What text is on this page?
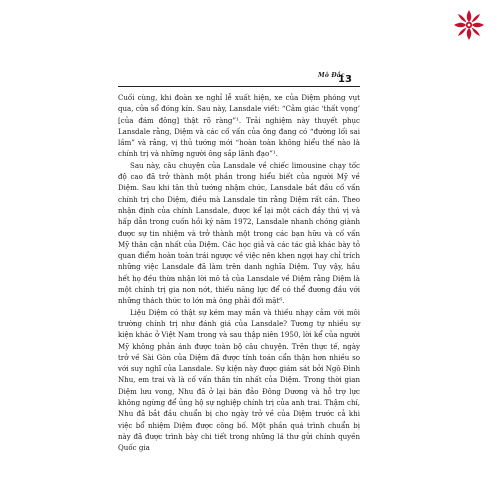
Mô Đắc
13

Cuối cùng, khi đoàn xe nghỉ lễ xuất hiện, xe của Diệm phóng vụt qua, cửa sổ đóng kín. Sau này, Lansdale viết: “Cảm giác ‘thất vọng’ [của đám đông] thật rõ ràng”¹. Trải nghiệm này thuyết phục Lansdale rằng, Diệm và các cố vấn của ông đang có “đường lối sai lầm” và rằng, vị thủ tướng mới “hoàn toàn không hiểu thế nào là chính trị và những người ông sắp lãnh đạo”¹.

Sau này, câu chuyện của Lansdale về chiếc limousine chạy tốc độ cao đã trở thành một phần trong hiểu biết của người Mỹ về Diệm. Sau khi tân thủ tướng nhậm chức, Lansdale bắt đầu cố vấn chính trị cho Diệm, điều mà Lansdale tin rằng Diệm rất cần. Theo nhận định của chính Lansdale, được kể lại một cách đầy thú vị và hấp dẫn trong cuốn hồi ký năm 1972, Lansdale nhanh chóng giành được sự tin nhiệm và trở thành một trong các bạn hữu và cố vấn Mỹ thân cận nhất của Diệm. Các học giả và các tác giả khác bày tỏ quan điểm hoàn toàn trái ngược về việc nên khen ngợi hay chỉ trích những việc Lansdale đã làm trên danh nghĩa Diệm. Tuy vậy, hầu hết họ đều thừa nhận lời mô tả của Lansdale về Diệm rằng Diệm là một chính trị gia non nớt, thiếu năng lực để có thể đương đầu với những thách thức to lớn mà ông phải đối mặt⁶.

Liệu Diệm có thật sự kém may mắn và thiếu nhạy cảm với môi trường chính trị như đánh giá của Lansdale? Tương tự nhiều sự kiện khác ở Việt Nam trong và sau thập niên 1950, lời kể của người Mỹ không phản ánh được toàn bộ câu chuyện. Trên thực tế, ngày trở về Sài Gòn của Diệm đã được tính toán cẩn thận hơn nhiều so với suy nghĩ của Lansdale. Sự kiện này được giám sát bởi Ngô Đình Nhu, em trai và là cố vấn thân tín nhất của Diệm. Trong thời gian Diệm lưu vong, Nhu đã ở lại bán đảo Đông Dương và hỗ trợ lực không ngừng để ủng hộ sự nghiệp chính trị của anh trai. Thậm chí, Nhu đã bắt đầu chuẩn bị cho ngày trở về của Diệm trước cả khi việc bổ nhiệm Diệm được công bố. Một phần quá trình chuẩn bị này đã được trình bày chi tiết trong những lá thư gửi chính quyền Quốc gia
